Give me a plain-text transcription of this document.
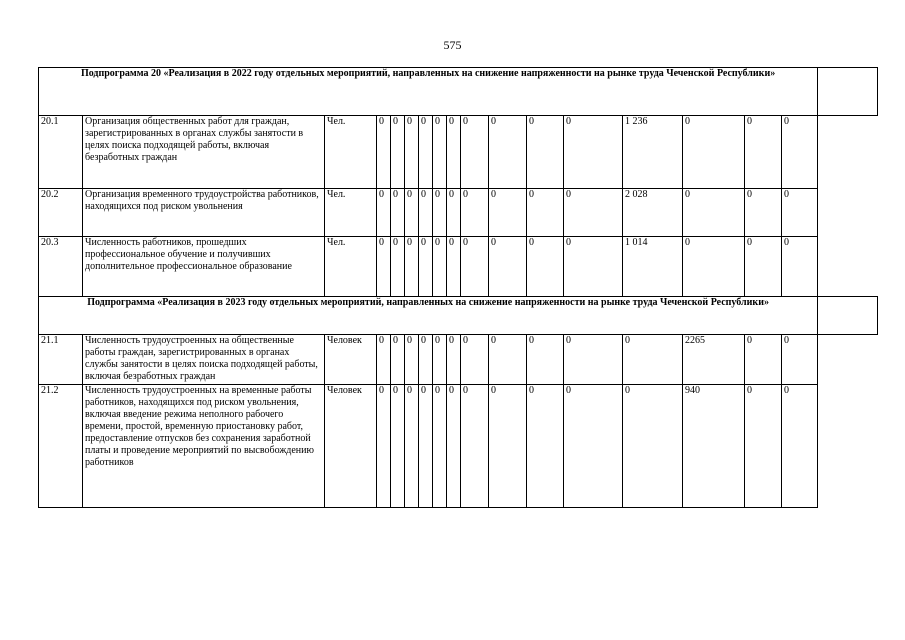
575
Подпрограмма 20 «Реализация в 2022 году отдельных мероприятий, направленных на снижение напряженности на рынке труда Чеченской Республики»																	
20.1	Организация общественных работ для граждан, зарегистрированных в органах службы занятости в целях поиска подходящей работы, включая безработных граждан	Чел.	0	0	0	0	0	0	0	0	0	0	1 236	0	0	0	
20.2	Организация временного трудоустройства работников, находящихся под риском увольнения	Чел.	0	0	0	0	0	0	0	0	0	0	2 028	0	0	0	
20.3	Численность работников, прошедших профессиональное обучение и получивших дополнительное профессиональное образование	Чел.	0	0	0	0	0	0	0	0	0	0	1 014	0	0	0	
Подпрограмма «Реализация в 2023 году отдельных мероприятий, направленных на снижение напряженности на рынке труда Чеченской Республики»																	
21.1	Численность трудоустроенных на общественные работы граждан, зарегистрированных в органах службы занятости в целях поиска подходящей работы, включая безработных граждан	Человек	0	0	0	0	0	0	0	0	0	0	0	2265	0	0	
21.2	Численность трудоустроенных на временные работы работников, находящихся под риском увольнения, включая введение режима неполного рабочего времени, простой, временную приостановку работ, предоставление отпусков без сохранения заработной платы и проведение мероприятий по высвобождению работников	Человек	0	0	0	0	0	0	0	0	0	0	0	940	0	0	
